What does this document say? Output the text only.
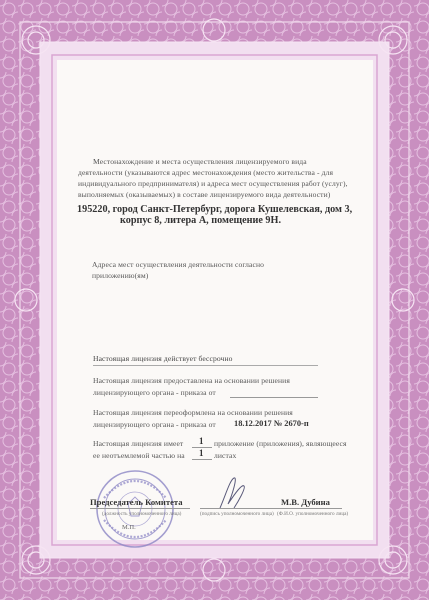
Местонахождение и места осуществления лицензируемого вида
деятельности (указываются адрес местонахождения (место жительства - для
индивидуального предпринимателя) и адреса мест осуществления работ (услуг),
выполняемых (оказываемых) в составе лицензируемого вида деятельности)
195220, город Санкт-Петербург, дорога Кушелевская, дом 3,
корпус 8, литера А, помещение 9Н.
Адреса мест осуществления деятельности согласно
приложению(ям)
Настоящая лицензия действует бессрочно
Настоящая лицензия предоставлена на основании решения
лицензирующего органа - приказа от
Настоящая лицензия переоформлена на основании решения
лицензирующего органа - приказа от 18.12.2017 № 2670-п
Настоящая лицензия имеет 1 приложение (приложения), являющееся
ее неотъемлемой частью на 1 листах
Председатель Комитета
(должность уполномоченного лица)	(подпись уполномоченного лица)
М.В. Дубина
(Ф.И.О. уполномоченного лица)
М.П.
